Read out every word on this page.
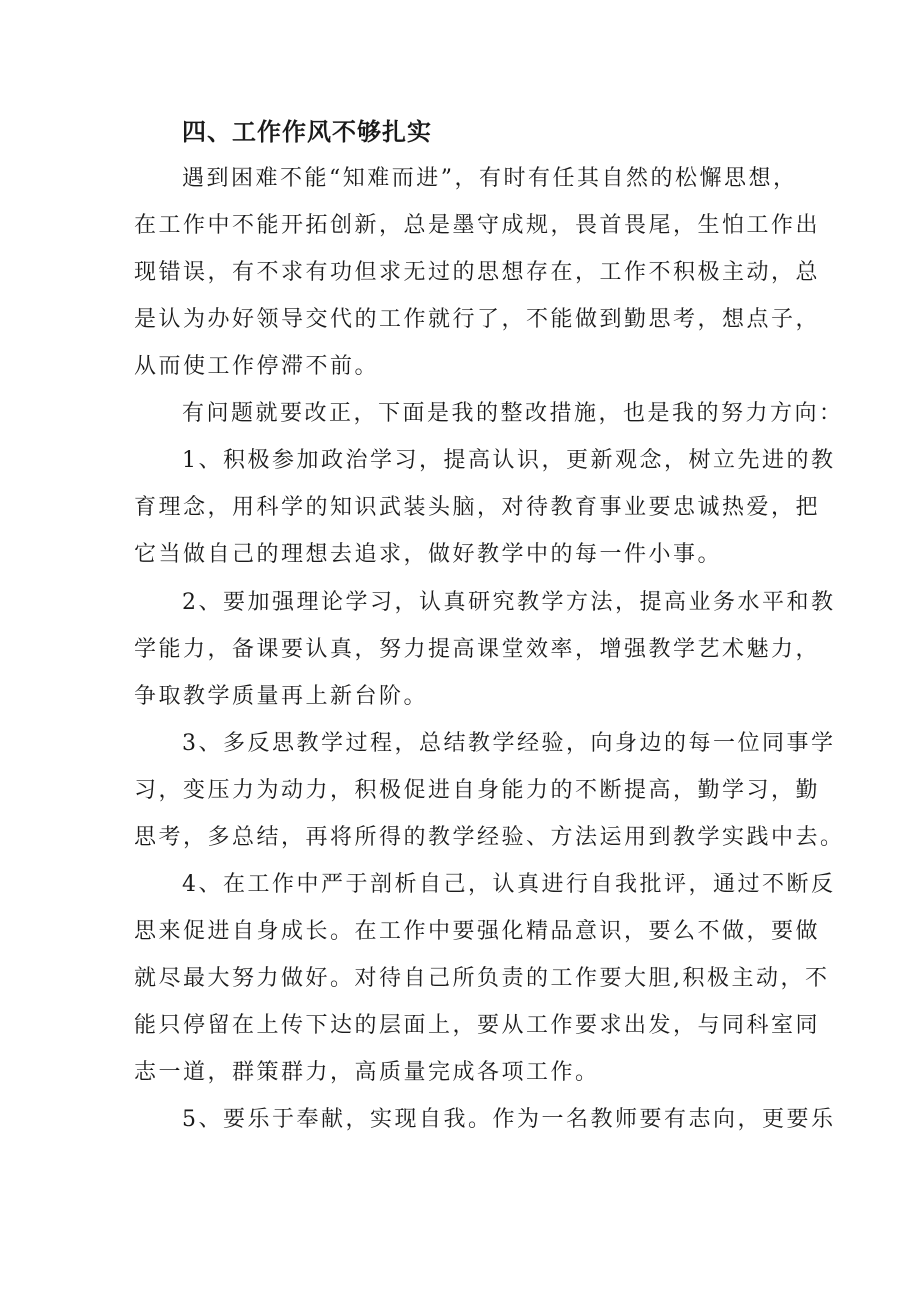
四、工作作风不够扎实
遇到困难不能“知难而进”，有时有任其自然的松懈思想，
在工作中不能开拓创新，总是墨守成规，畏首畏尾，生怕工作出
现错误，有不求有功但求无过的思想存在，工作不积极主动，总
是认为办好领导交代的工作就行了，不能做到勤思考，想点子，
从而使工作停滞不前。
有问题就要改正，下面是我的整改措施，也是我的努力方向：
1、积极参加政治学习，提高认识，更新观念，树立先进的教
育理念，用科学的知识武装头脑，对待教育事业要忠诚热爱，把
它当做自己的理想去追求，做好教学中的每一件小事。
2、要加强理论学习，认真研究教学方法，提高业务水平和教
学能力，备课要认真，努力提高课堂效率，增强教学艺术魅力，
争取教学质量再上新台阶。
3、多反思教学过程，总结教学经验，向身边的每一位同事学
习，变压力为动力，积极促进自身能力的不断提高，勤学习，勤
思考，多总结，再将所得的教学经验、方法运用到教学实践中去。
4、在工作中严于剖析自己，认真进行自我批评，通过不断反
思来促进自身成长。在工作中要强化精品意识，要么不做，要做
就尽最大努力做好。对待自己所负责的工作要大胆,积极主动，不
能只停留在上传下达的层面上，要从工作要求出发，与同科室同
志一道，群策群力，高质量完成各项工作。
5、要乐于奉献，实现自我。作为一名教师要有志向，更要乐
